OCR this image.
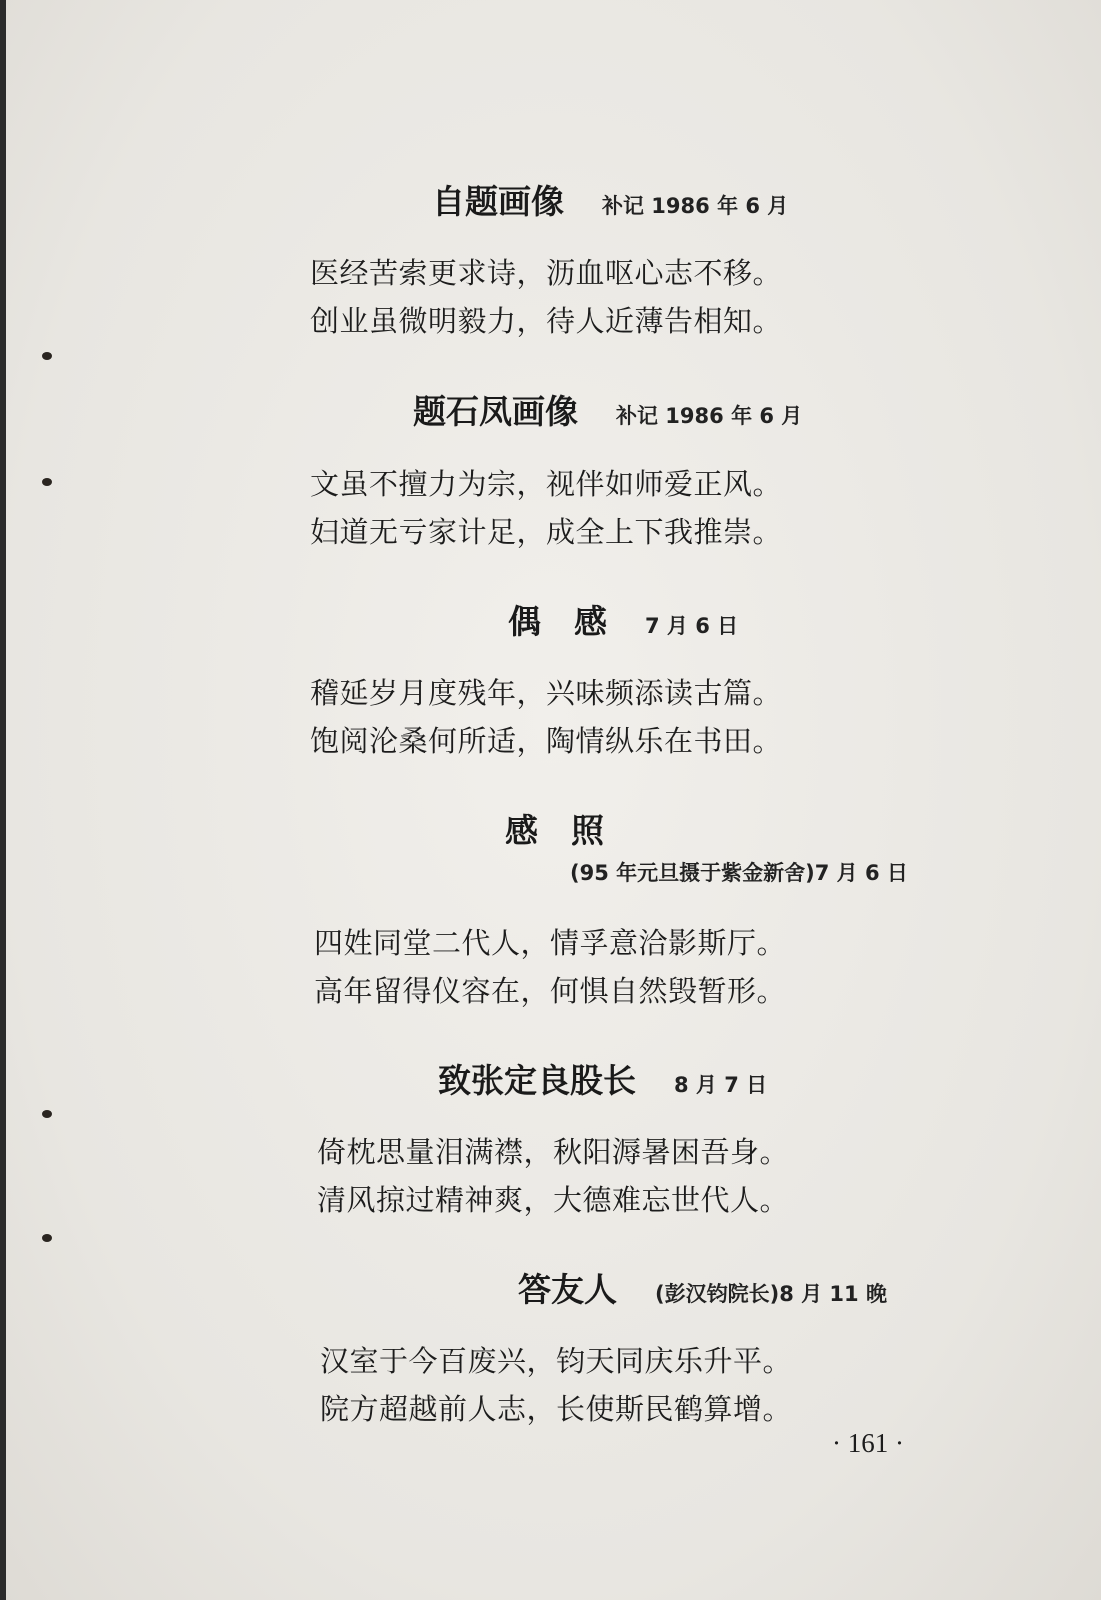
自题画像 补记 1986 年 6 月
医经苦索更求诗，沥血呕心志不移。
创业虽微明毅力，待人近薄告相知。
题石凤画像 补记 1986 年 6 月
文虽不擅力为宗，视伴如师爱正风。
妇道无亏家计足，成全上下我推崇。
偶　感 7 月 6 日
稽延岁月度残年，兴味频添读古篇。
饱阅沦桑何所适，陶情纵乐在书田。
感　照
(95 年元旦摄于紫金新舍)7 月 6 日
四姓同堂二代人，情孚意洽影斯厅。
高年留得仪容在，何惧自然毁暂形。
致张定良股长 8 月 7 日
倚枕思量泪满襟，秋阳溽暑困吾身。
清风掠过精神爽，大德难忘世代人。
答友人 (彭汉钧院长)8 月 11 晚
汉室于今百废兴，钧天同庆乐升平。
院方超越前人志，长使斯民鹤算增。
· 161 ·
